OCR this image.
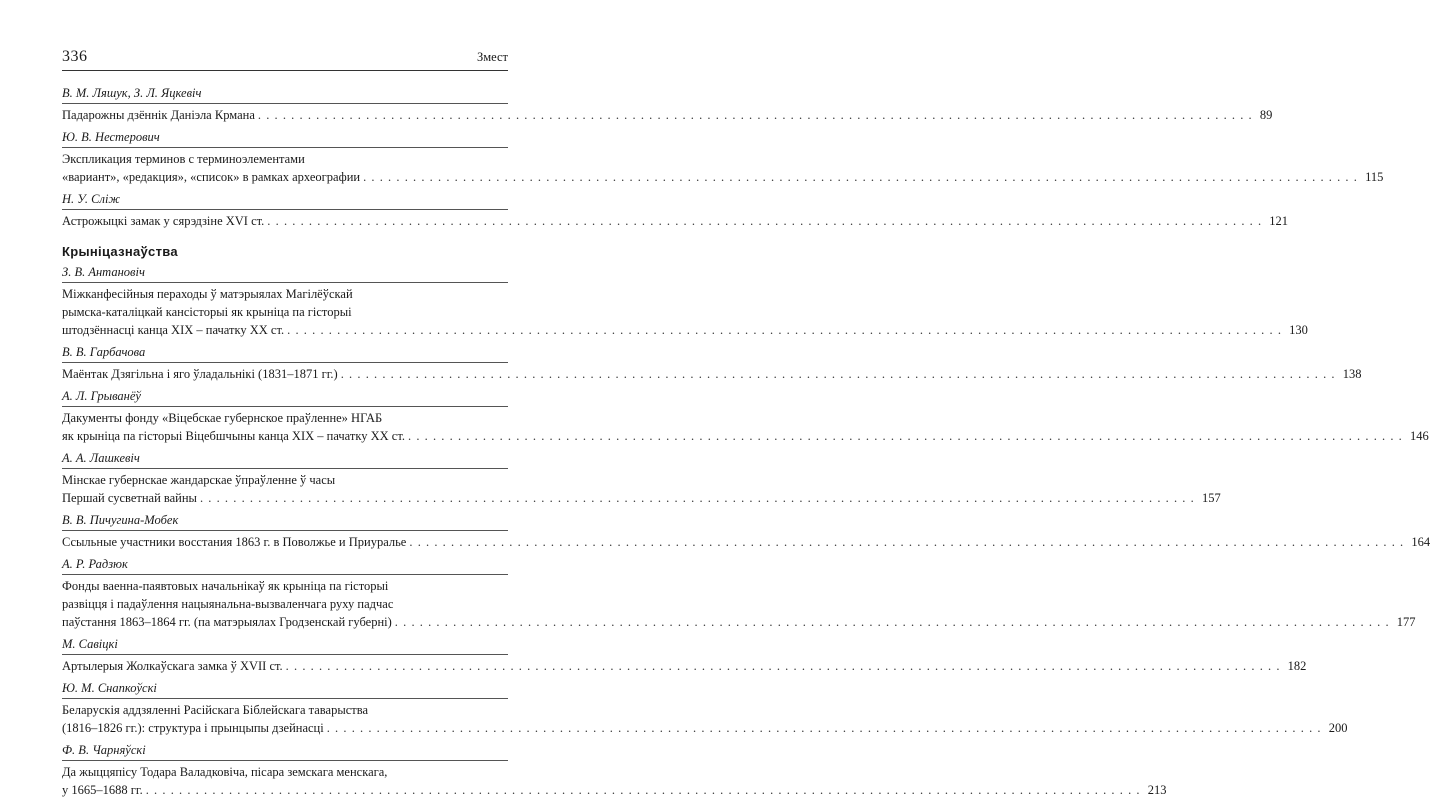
336	Змест
В. М. Ляшук, З. Л. Яцкевіч
Падарожны дзённік Даніэла Крмана ........................................................................................................................ 89
Ю. В. Нестерович
Экспликация терминов с терминоэлементами
«вариант», «редакция», «список» в рамках археографии ........................................................................................................................ 115
Н. У. Сліж
Астрожыцкі замак у сярэдзіне XVI ст. ........................................................................................................................ 121
Крыніцазнаўства
З. В. Антановіч
Міжканфесійныя пераходы ў матэрыялах Магілёўскай
рымска-каталіцкай кансісторыі як крыніца па гісторыі
штодзённасці канца XIX – пачатку XX ст. ........................................................................................................................ 130
В. В. Гарбачова
Маёнтак Дзягільна і яго ўладальнікі (1831–1871 гг.) ........................................................................................................................ 138
А. Л. Грыванёў
Дакументы фонду «Віцебскае губернское праўленне» НГАБ
як крыніца па гісторыі Віцебшчыны канца XIX – пачатку XX ст. ........................................................................................................................ 146
А. А. Лашкевіч
Мінскае губернскае жандарскае ўпраўленне ў часы
Першай сусветнай вайны ........................................................................................................................ 157
В. В. Пичугина-Мобек
Ссыльные участники восстания 1863 г. в Поволжье и Приуралье ........................................................................................................................ 164
А. Р. Радзюк
Фонды ваенна-паявтовых начальнікаў як крыніца па гісторыі
развіцця і падаўлення нацыянальна-вызваленчага руху падчас
паўстання 1863–1864 гг. (па матэрыялах Гродзенскай губерні) ........................................................................................................................ 177
М. Савіцкі
Артылерыя Жолкаўскага замка ў XVII ст. ........................................................................................................................ 182
Ю. М. Снапкоўскі
Беларускія аддзяленні Расійскага Біблейскага таварыства
(1816–1826 гг.): структура і прынцыпы дзейнасці ........................................................................................................................ 200
Ф. В. Чарняўскі
Да жыццяпісу Тодара Валадковіча, пісара земскага менскага,
у 1665–1688 гг. ........................................................................................................................ 213
